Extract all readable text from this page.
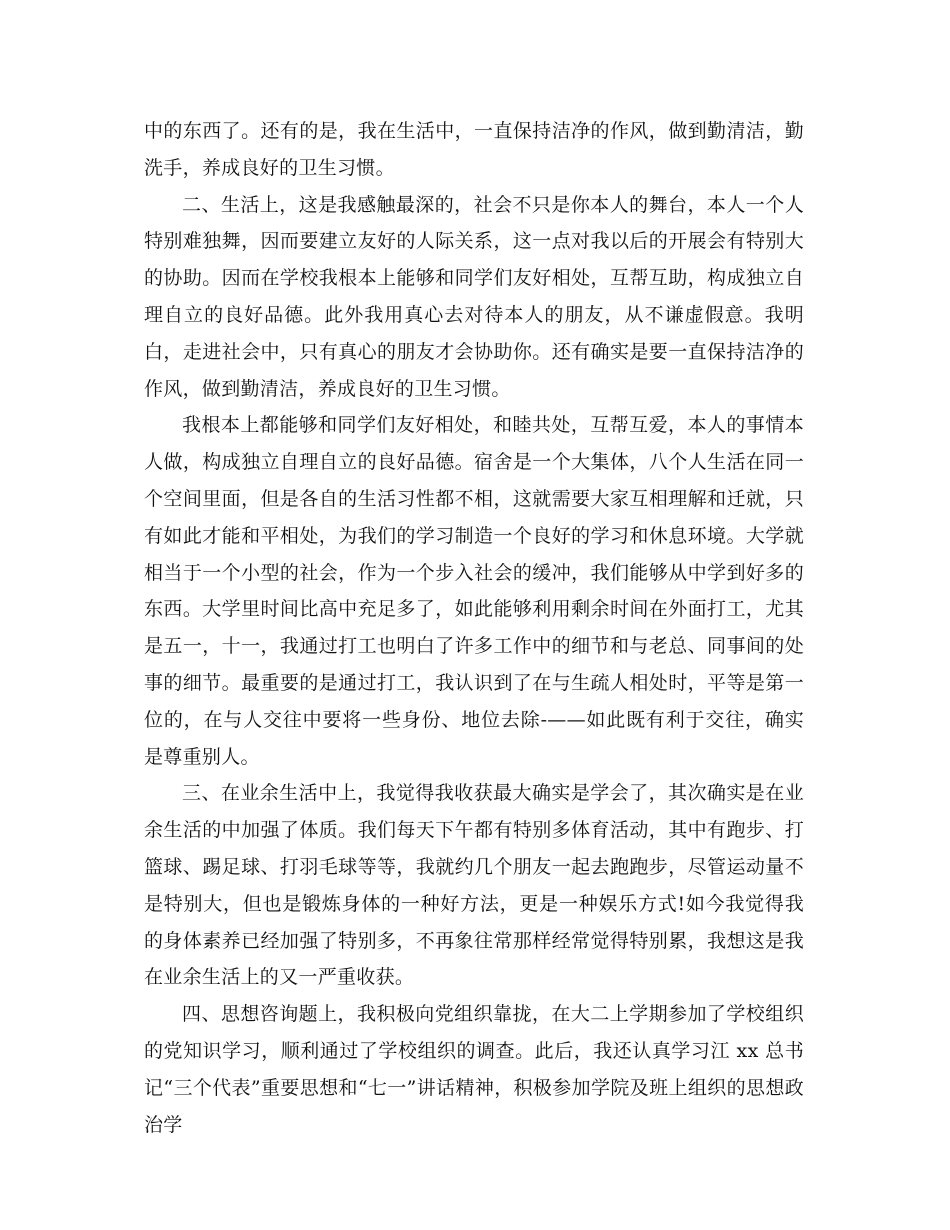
中的东西了。还有的是，我在生活中，一直保持洁净的作风，做到勤清洁，勤洗手，养成良好的卫生习惯。

二、生活上，这是我感触最深的，社会不只是你本人的舞台，本人一个人特别难独舞，因而要建立友好的人际关系，这一点对我以后的开展会有特别大的协助。因而在学校我根本上能够和同学们友好相处，互帮互助，构成独立自理自立的良好品德。此外我用真心去对待本人的朋友，从不谦虚假意。我明白，走进社会中，只有真心的朋友才会协助你。还有确实是要一直保持洁净的作风，做到勤清洁，养成良好的卫生习惯。

我根本上都能够和同学们友好相处，和睦共处，互帮互爱，本人的事情本人做，构成独立自理自立的良好品德。宿舍是一个大集体，八个人生活在同一个空间里面，但是各自的生活习性都不相，这就需要大家互相理解和迁就，只有如此才能和平相处，为我们的学习制造一个良好的学习和休息环境。大学就相当于一个小型的社会，作为一个步入社会的缓冲，我们能够从中学到好多的东西。大学里时间比高中充足多了，如此能够利用剩余时间在外面打工，尤其是五一，十一，我通过打工也明白了许多工作中的细节和与老总、同事间的处事的细节。最重要的是通过打工，我认识到了在与生疏人相处时，平等是第一位的，在与人交往中要将一些身份、地位去除-——如此既有利于交往，确实是尊重别人。

三、在业余生活中上，我觉得我收获最大确实是学会了，其次确实是在业余生活的中加强了体质。我们每天下午都有特别多体育活动，其中有跑步、打篮球、踢足球、打羽毛球等等，我就约几个朋友一起去跑跑步，尽管运动量不是特别大，但也是锻炼身体的一种好方法，更是一种娱乐方式!如今我觉得我的身体素养已经加强了特别多，不再象往常那样经常觉得特别累，我想这是我在业余生活上的又一严重收获。

四、思想咨询题上，我积极向党组织靠拢，在大二上学期参加了学校组织的党知识学习，顺利通过了学校组织的调查。此后，我还认真学习江 xx 总书记“三个代表”重要思想和“七一”讲话精神，积极参加学院及班上组织的思想政治学
